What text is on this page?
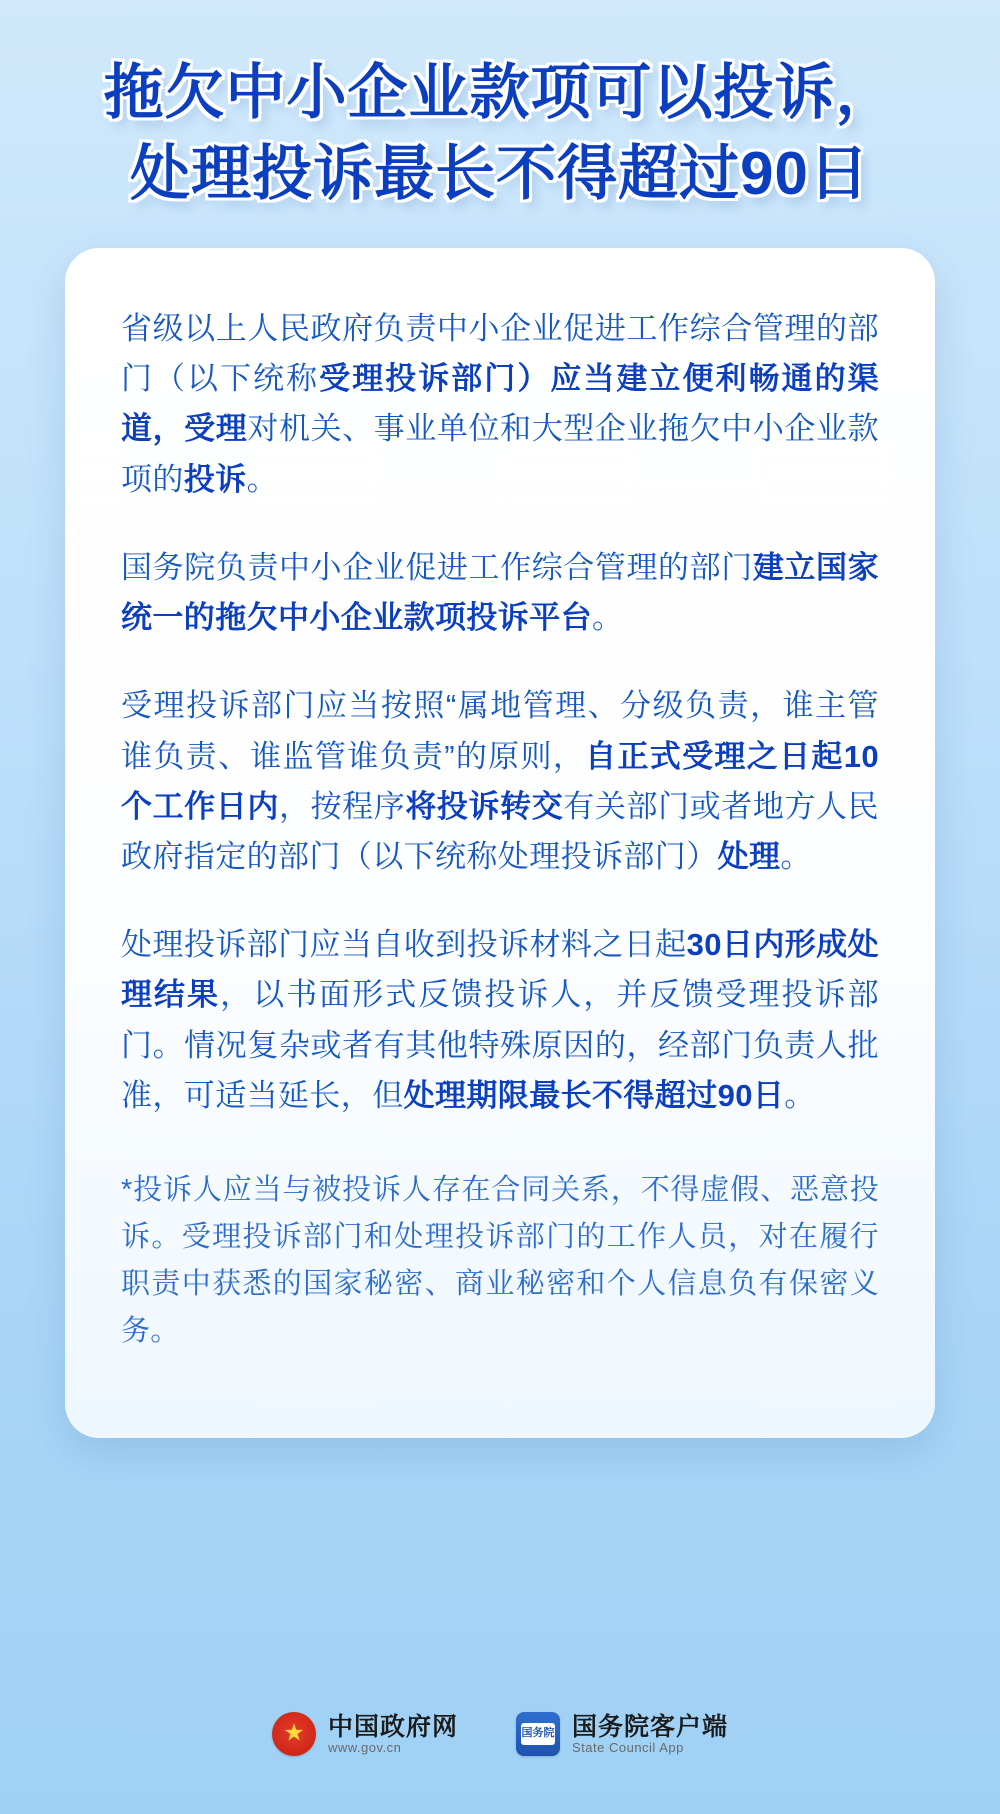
拖欠中小企业款项可以投诉，
处理投诉最长不得超过90日
省级以上人民政府负责中小企业促进工作综合管理的部门（以下统称受理投诉部门）应当建立便利畅通的渠道，受理对机关、事业单位和大型企业拖欠中小企业款项的投诉。
国务院负责中小企业促进工作综合管理的部门建立国家统一的拖欠中小企业款项投诉平台。
受理投诉部门应当按照“属地管理、分级负责，谁主管谁负责、谁监管谁负责”的原则，自正式受理之日起10个工作日内，按程序将投诉转交有关部门或者地方人民政府指定的部门（以下统称处理投诉部门）处理。
处理投诉部门应当自收到投诉材料之日起30日内形成处理结果，以书面形式反馈投诉人，并反馈受理投诉部门。情况复杂或者有其他特殊原因的，经部门负责人批准，可适当延长，但处理期限最长不得超过90日。
*投诉人应当与被投诉人存在合同关系，不得虚假、恶意投诉。受理投诉部门和处理投诉部门的工作人员，对在履行职责中获悉的国家秘密、商业秘密和个人信息负有保密义务。
★
中国政府网
www.gov.cn
国务院 国务院客户端
State Council App
